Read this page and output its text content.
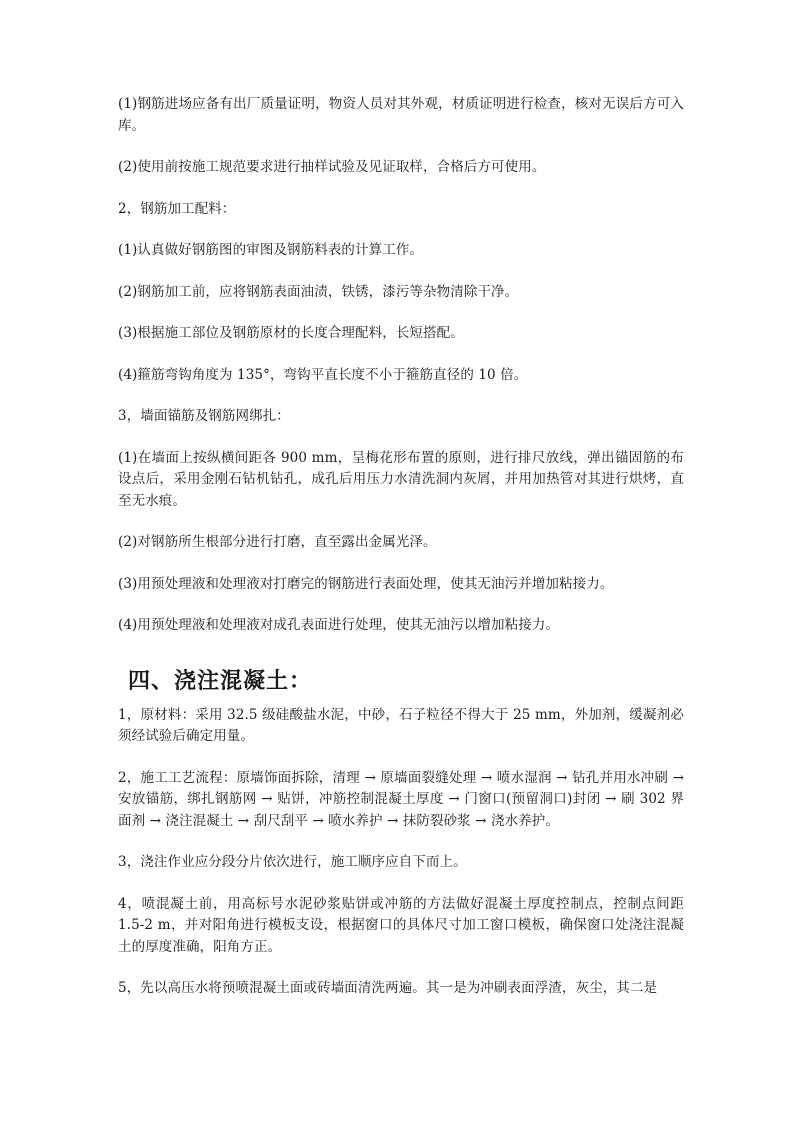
(1)钢筋进场应备有出厂质量证明，物资人员对其外观，材质证明进行检查，核对无误后方可入库。

(2)使用前按施工规范要求进行抽样试验及见证取样，合格后方可使用。

2，钢筋加工配料：

(1)认真做好钢筋图的审图及钢筋料表的计算工作。

(2)钢筋加工前，应将钢筋表面油渍，铁锈，漆污等杂物清除干净。

(3)根据施工部位及钢筋原材的长度合理配料，长短搭配。

(4)箍筋弯钩角度为 135°，弯钩平直长度不小于箍筋直径的 10 倍。

3，墙面锚筋及钢筋网绑扎：

(1)在墙面上按纵横间距各 900 mm，呈梅花形布置的原则，进行排尺放线，弹出锚固筋的布设点后，采用金刚石钻机钻孔，成孔后用压力水清洗洞内灰屑，并用加热管对其进行烘烤，直至无水痕。

(2)对钢筋所生根部分进行打磨，直至露出金属光泽。

(3)用预处理液和处理液对打磨完的钢筋进行表面处理，使其无油污并增加粘接力。

(4)用预处理液和处理液对成孔表面进行处理，使其无油污以增加粘接力。

四、浇注混凝土：

1，原材料：采用 32.5 级硅酸盐水泥，中砂，石子粒径不得大于 25 mm，外加剂，缓凝剂必须经试验后确定用量。

2，施工工艺流程：原墙饰面拆除，清理 → 原墙面裂缝处理 → 喷水湿润 → 钻孔并用水冲刷 → 安放锚筋，绑扎钢筋网 → 贴饼，冲筋控制混凝土厚度 → 门窗口(预留洞口)封闭 → 刷 302 界面剂 → 浇注混凝土 → 刮尺刮平 → 喷水养护 → 抹防裂砂浆 → 浇水养护。

3，浇注作业应分段分片依次进行，施工顺序应自下而上。

4，喷混凝土前，用高标号水泥砂浆贴饼或冲筋的方法做好混凝土厚度控制点，控制点间距 1.5-2 m，并对阳角进行模板支设，根据窗口的具体尺寸加工窗口模板，确保窗口处浇注混凝土的厚度准确，阳角方正。

5，先以高压水将预喷混凝土面或砖墙面清洗两遍。其一是为冲刷表面浮渣，灰尘，其二是
